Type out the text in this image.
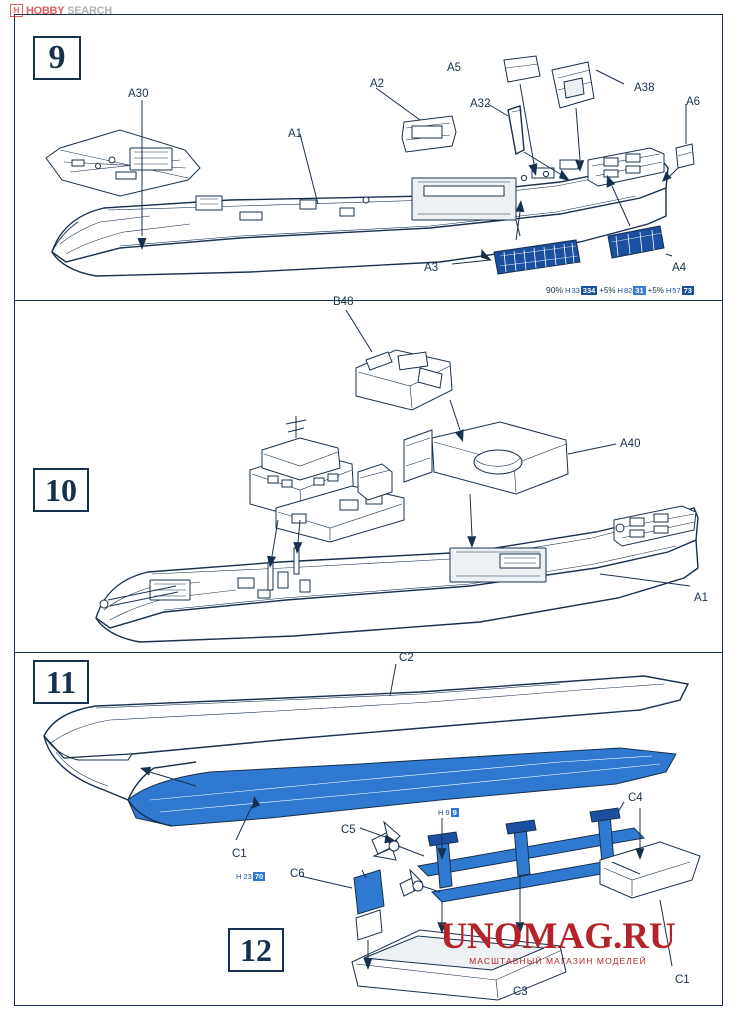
H HOBBY SEARCH
9
10
11
12
A30
A1
A2
A5
A32
A38
A6
A3	A4
90% H 33 334 +5% H 82 31 +5% H 57 73
B48
A40
A1
C2
C1
H 23 70
C5
C4
C6
C3
C1
H 9 9
UNOMAG.RU
МАСШТАБНЫЙ МАГАЗИН МОДЕЛЕЙ
